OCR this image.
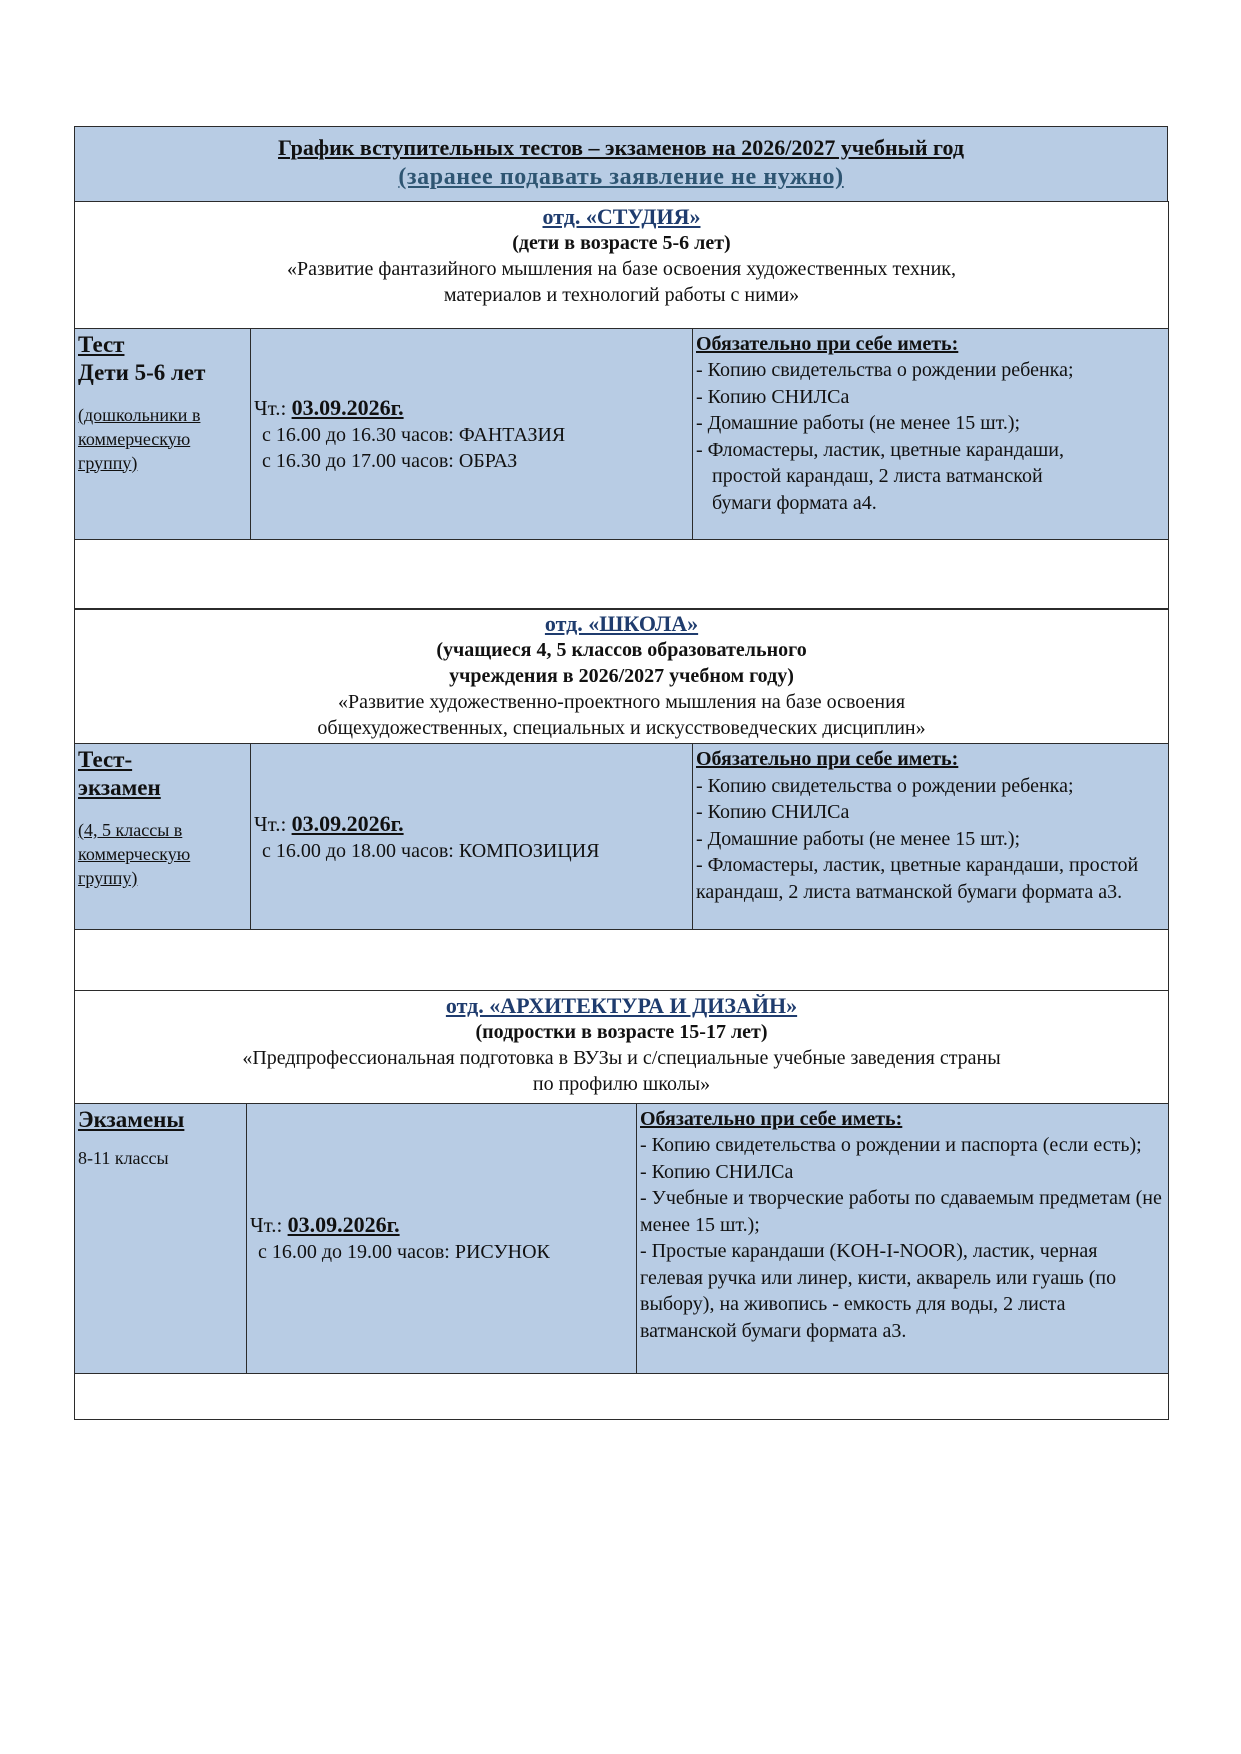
График вступительных тестов – экзаменов на 2026/2027 учебный год
(заранее подавать заявление не нужно)
отд. «СТУДИЯ»
(дети в возрасте 5-6 лет)
«Развитие фантазийного мышления на базе освоения художественных техник,
материалов и технологий работы с ними»

Тест
Дети 5-6 лет
(дошкольники в коммерческую группу)

Чт.: 03.09.2026г.
с 16.00 до 16.30 часов: ФАНТАЗИЯ
с 16.30 до 17.00 часов: ОБРАЗ

Обязательно при себе иметь:
- Копию свидетельства о рождении ребенка;
- Копию СНИЛСа
- Домашние работы (не менее 15 шт.);
- Фломастеры, ластик, цветные карандаши,
простой карандаш, 2 листа ватманской
бумаги формата а4.

отд. «ШКОЛА»
(учащиеся 4, 5 классов образовательного
учреждения в 2026/2027 учебном году)
«Развитие художественно-проектного мышления на базе освоения
общехудожественных, специальных и искусствоведческих дисциплин»

Тест-
экзамен
(4, 5 классы в коммерческую группу)

Чт.: 03.09.2026г.
с 16.00 до 18.00 часов: КОМПОЗИЦИЯ

Обязательно при себе иметь:
- Копию свидетельства о рождении ребенка;
- Копию СНИЛСа
- Домашние работы (не менее 15 шт.);
- Фломастеры, ластик, цветные карандаши, простой карандаш, 2 листа ватманской бумаги формата а3.

отд. «АРХИТЕКТУРА И ДИЗАЙН»
(подростки в возрасте 15-17 лет)
«Предпрофессиональная подготовка в ВУЗы и с/специальные учебные заведения страны
по профилю школы»

Экзамены
8-11 классы

Чт.: 03.09.2026г.
с 16.00 до 19.00 часов: РИСУНОК

Обязательно при себе иметь:
- Копию свидетельства о рождении и паспорта (если есть);
- Копию СНИЛСа
- Учебные и творческие работы по сдаваемым предметам (не менее 15 шт.);
- Простые карандаши (KOH-I-NOOR), ластик, черная гелевая ручка или линер, кисти, акварель или гуашь (по выбору), на живопись - емкость для воды, 2 листа ватманской бумаги формата а3.
